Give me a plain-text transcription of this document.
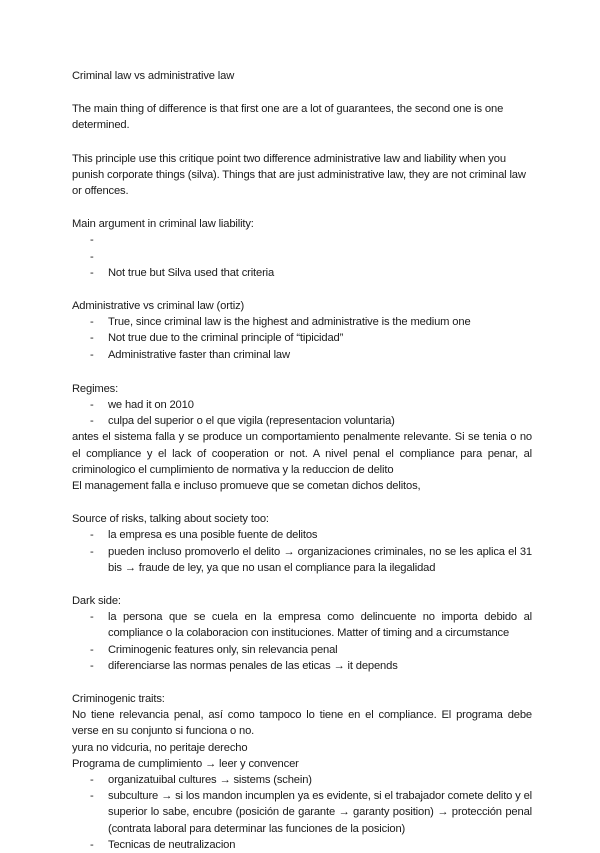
Criminal law vs administrative law

The main thing of difference is that first one are a lot of guarantees, the second one is one determined.

This principle use this critique point two difference administrative law and liability when you punish corporate things (silva). Things that are just administrative law, they are not criminal law or offences.

Main argument in criminal law liability:

-
-
- Not true but Silva used that criteria

Administrative vs criminal law (ortiz)

- True, since criminal law is the highest and administrative is the medium one
- Not true due to the criminal principle of “tipicidad”
- Administrative faster than criminal law

Regimes:

- we had it on 2010
- culpa del superior o el que vigila (representacion voluntaria)

antes el sistema falla y se produce un comportamiento penalmente relevante. Si se tenia o no el compliance y el lack of cooperation or not. A nivel penal el compliance para penar, al criminologico el cumplimiento de normativa y la reduccion de delito

El management falla e incluso promueve que se cometan dichos delitos,

Source of risks, talking about society too:

- la empresa es una posible fuente de delitos
- pueden incluso promoverlo el delito → organizaciones criminales, no se les aplica el 31 bis → fraude de ley, ya que no usan el compliance para la ilegalidad

Dark side:

- la persona que se cuela en la empresa como delincuente no importa debido al compliance o la colaboracion con instituciones. Matter of timing and a circumstance
- Criminogenic features only, sin relevancia penal
- diferenciarse las normas penales de las eticas → it depends

Criminogenic traits:

No tiene relevancia penal, así como tampoco lo tiene en el compliance. El programa debe verse en su conjunto si funciona o no.

yura no vidcuria, no peritaje derecho

Programa de cumplimiento → leer y convencer

- organizatuibal cultures → sistems (schein)
- subculture → si los mandon incumplen ya es evidente, si el trabajador comete delito y el superior lo sabe, encubre (posición de garante → garanty position) → protección penal (contrata laboral para determinar las funciones de la posicion)
- Tecnicas de neutralizacion
